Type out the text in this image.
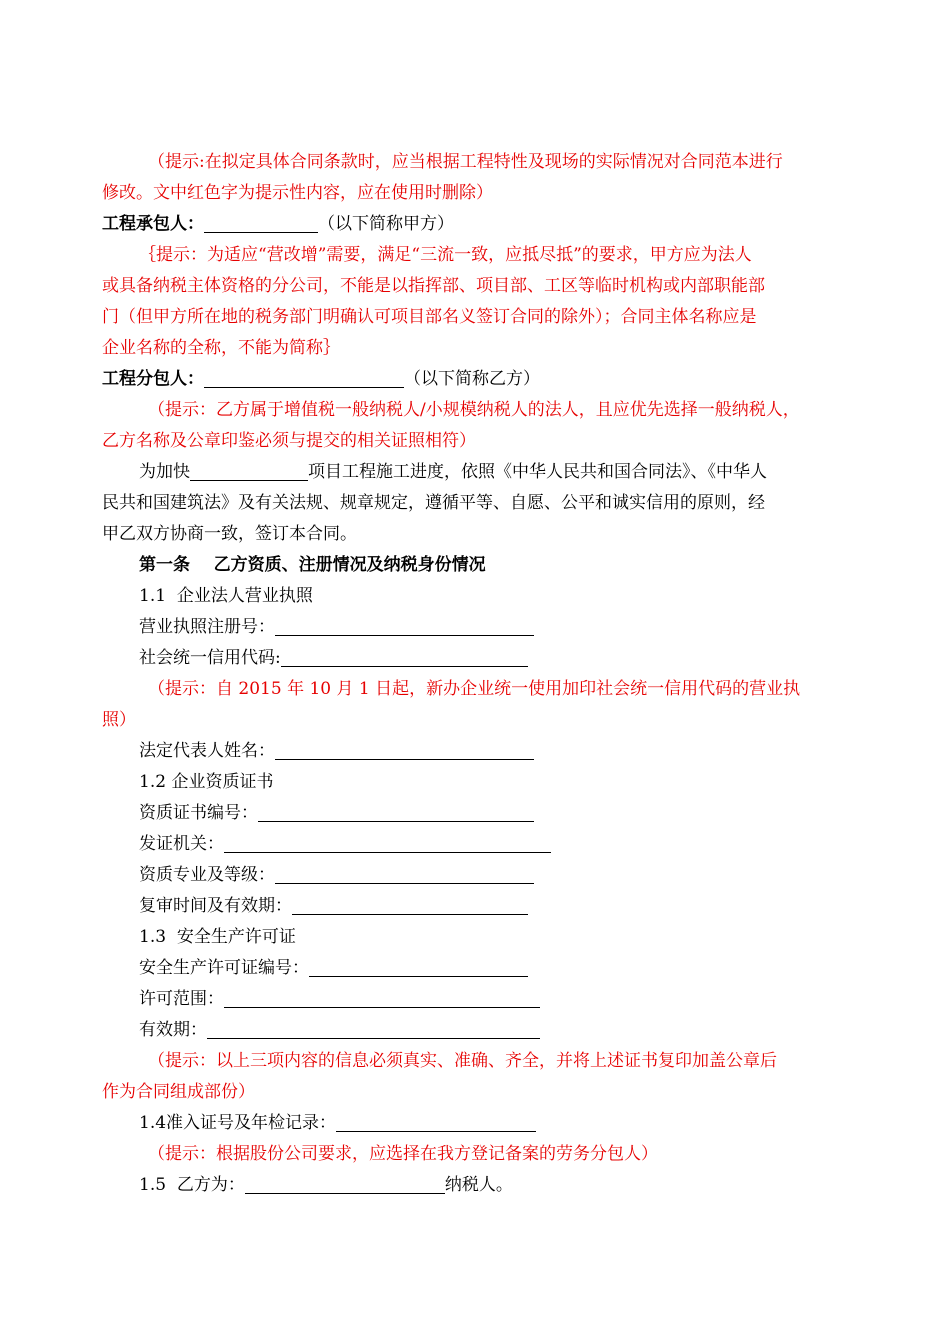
（提示:在拟定具体合同条款时，应当根据工程特性及现场的实际情况对合同范本进行
修改。文中红色字为提示性内容，应在使用时删除）
工程承包人：	（以下简称甲方）
｛提示：为适应“营改增”需要，满足“三流一致，应抵尽抵”的要求，甲方应为法人
或具备纳税主体资格的分公司，不能是以指挥部、项目部、工区等临时机构或内部职能部
门（但甲方所在地的税务部门明确认可项目部名义签订合同的除外）；合同主体名称应是
企业名称的全称，不能为简称｝
工程分包人：	（以下简称乙方）
（提示：乙方属于增值税一般纳税人/小规模纳税人的法人，且应优先选择一般纳税人，
乙方名称及公章印鉴必须与提交的相关证照相符）
为加快	项目工程施工进度，依照《中华人民共和国合同法》、《中华人
民共和国建筑法》及有关法规、规章规定，遵循平等、自愿、公平和诚实信用的原则，经
甲乙双方协商一致，签订本合同。
第一条    乙方资质、注册情况及纳税身份情况
1.1  企业法人营业执照
营业执照注册号：
社会统一信用代码:
（提示：自 2015 年 10 月 1 日起，新办企业统一使用加印社会统一信用代码的营业执
照）
法定代表人姓名：
1.2 企业资质证书
资质证书编号：
发证机关：
资质专业及等级：
复审时间及有效期：
1.3  安全生产许可证
安全生产许可证编号：
许可范围：
有效期：
（提示：以上三项内容的信息必须真实、准确、齐全，并将上述证书复印加盖公章后
作为合同组成部份）
1.4准入证号及年检记录：
（提示：根据股份公司要求，应选择在我方登记备案的劳务分包人）
1.5  乙方为：	纳税人。
